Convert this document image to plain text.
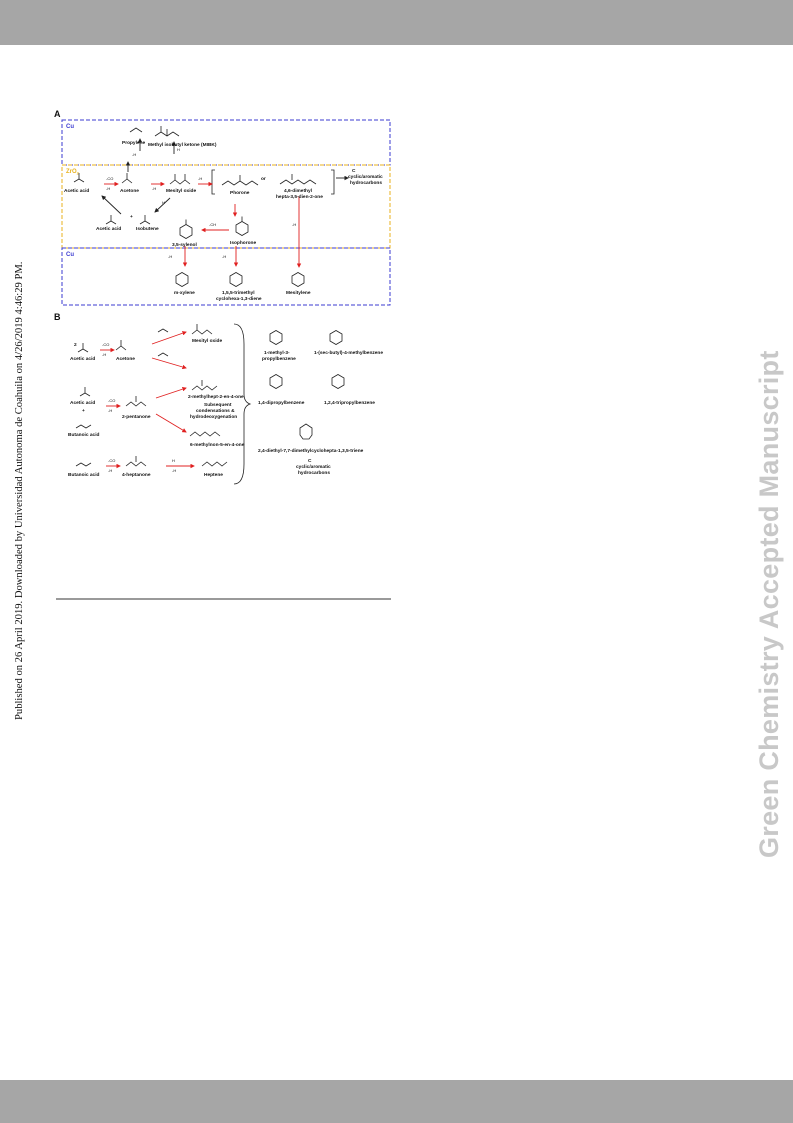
Published on 26 April 2019. Downloaded by Universidad Autonoma de Coahuila on 4/26/2019 4:46:29 PM.	Green Chemistry Accepted Manuscript
A
Cu
ZrO$_2$
Cu
Propylene Methyl isobutyl ketone (MIBK)
Acetic acid	Acetone	Mesityl oxide	Phorone
or
4,6-dimethyl
hepta-3,5-dien-2-one
C
cyclic/aromatic
hydrocarbons
Acetic acid
+
Isobutene
3,5-sylenol	Isophorone
m-xylene	1,5,5-trimethyl
cyclohexa-1,3-diene
Mesitylene
-CO
-H	-H
-H
-H
H
H
-CH	-H
-H	-H
B
2
Acetic acid	Acetone
Mesityl oxide
Acetic acid
+
Butanoic acid
2-pentanone
2-methylhept-2-en-4-one
Subsequent
condensations &
hydrodeoxygenation
6-methylnon-5-en-4-one
Butanoic acid	4-heptanone	Heptene
1-methyl-3-
propylbenzene
1-(sec-butyl)-4-methylbenzene
1,4-dipropylbenzene	1,2,4-tripropylbenzene
2,4-diethyl-7,7-dimethylcyclohepta-1,3,5-triene
C
cyclic/aromatic
hydrocarbons
-CO
-H
-CO
-H
-CO
-H
H
-H
